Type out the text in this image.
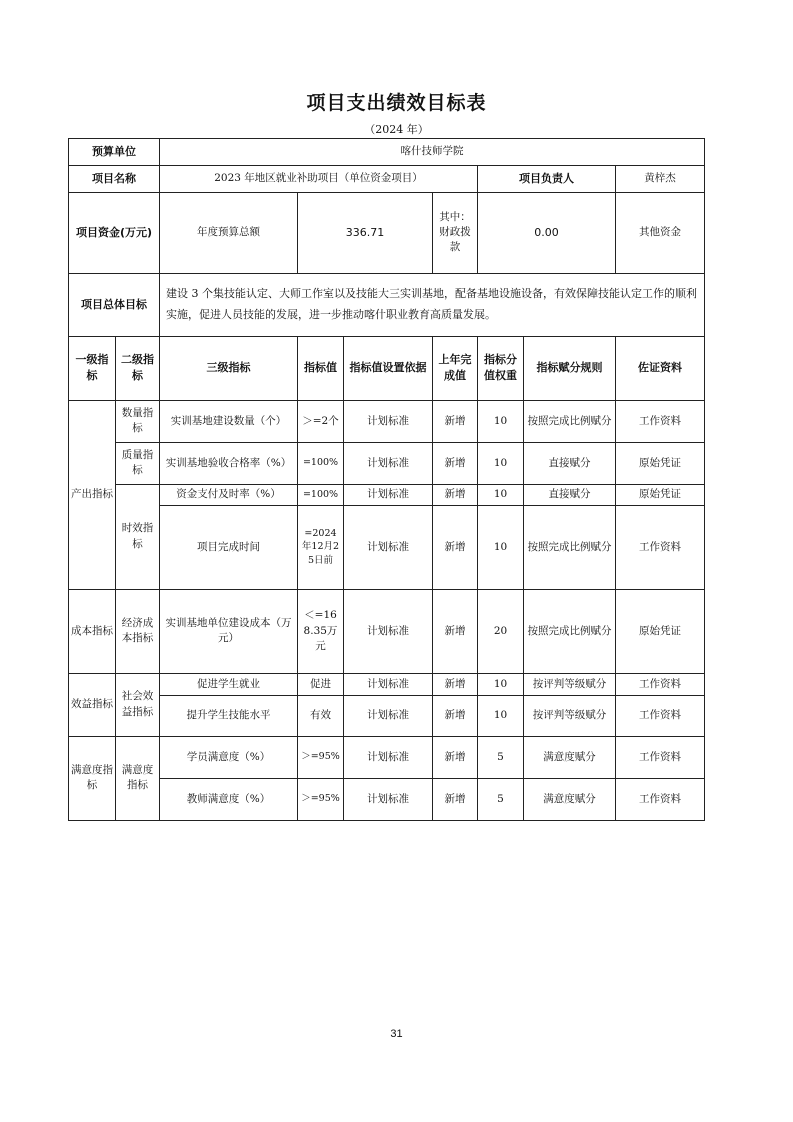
项目支出绩效目标表
（2024 年）
预算单位		喀什技师学院							
项目名称		2023 年地区就业补助项目（单位资金项目）				项目负责人		黄梓杰	
项目资金(万元)		年度预算总额	336.71		其中：财政拨款	0.00		其他资金	
项目总体目标		建设 3 个集技能认定、大师工作室以及技能大三实训基地，配备基地设施设备，有效保障技能认定工作的顺利实施，促进人员技能的发展，进一步推动喀什职业教育高质量发展。							
一级指标	二级指标	三级指标	指标值	指标值设置依据	上年完成值	指标分值权重	指标赋分规则	佐证资料	
产出指标	数量指标	实训基地建设数量（个）	＞=2个	计划标准	新增	10	按照完成比例赋分	工作资料	
	质量指标	实训基地验收合格率（%）	=100%	计划标准	新增	10	直接赋分	原始凭证	
	时效指标	资金支付及时率（%）	=100%	计划标准	新增	10	直接赋分	原始凭证	
		项目完成时间	=2024年12月25日前	计划标准	新增	10	按照完成比例赋分	工作资料	
成本指标	经济成本指标	实训基地单位建设成本（万元）	＜=168.35万元	计划标准	新增	20	按照完成比例赋分	原始凭证	
效益指标	社会效益指标	促进学生就业	促进	计划标准	新增	10	按评判等级赋分	工作资料	
		提升学生技能水平	有效	计划标准	新增	10	按评判等级赋分	工作资料	
满意度指标	满意度指标	学员满意度（%）	＞=95%	计划标准	新增	5	满意度赋分	工作资料	
		教师满意度（%）	＞=95%	计划标准	新增	5	满意度赋分	工作资料	
31
